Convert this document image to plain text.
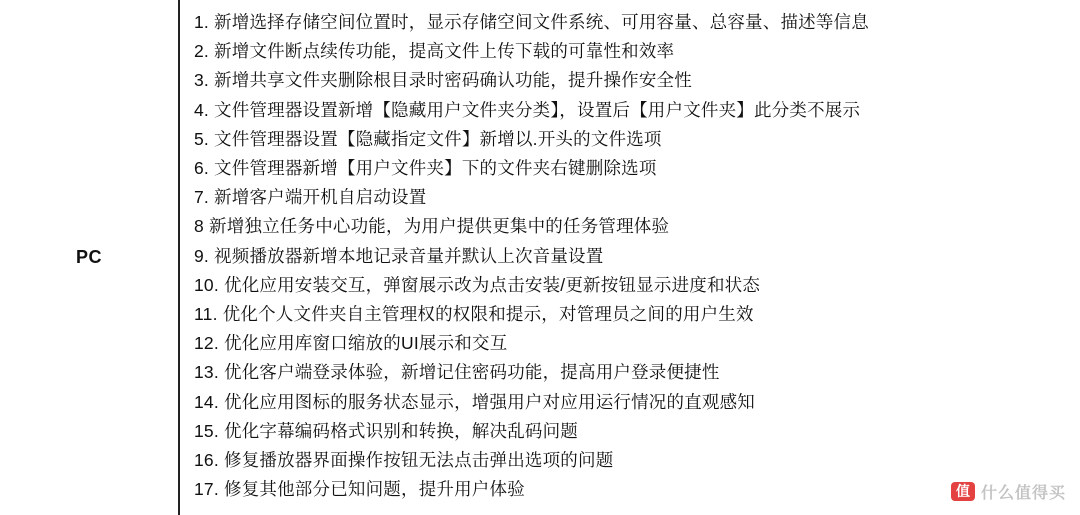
PC
1. 新增选择存储空间位置时，显示存储空间文件系统、可用容量、总容量、描述等信息
2. 新增文件断点续传功能，提高文件上传下载的可靠性和效率
3. 新增共享文件夹删除根目录时密码确认功能，提升操作安全性
4. 文件管理器设置新增【隐藏用户文件夹分类】，设置后【用户文件夹】此分类不展示
5. 文件管理器设置【隐藏指定文件】新增以.开头的文件选项
6. 文件管理器新增【用户文件夹】下的文件夹右键删除选项
7. 新增客户端开机自启动设置
8 新增独立任务中心功能，为用户提供更集中的任务管理体验
9. 视频播放器新增本地记录音量并默认上次音量设置
10. 优化应用安装交互，弹窗展示改为点击安装/更新按钮显示进度和状态
11. 优化个人文件夹自主管理权的权限和提示，对管理员之间的用户生效
12. 优化应用库窗口缩放的UI展示和交互
13. 优化客户端登录体验，新增记住密码功能，提高用户登录便捷性
14. 优化应用图标的服务状态显示，增强用户对应用运行情况的直观感知
15. 优化字幕编码格式识别和转换，解决乱码问题
16. 修复播放器界面操作按钮无法点击弹出选项的问题
17. 修复其他部分已知问题，提升用户体验	值 什么值得买
